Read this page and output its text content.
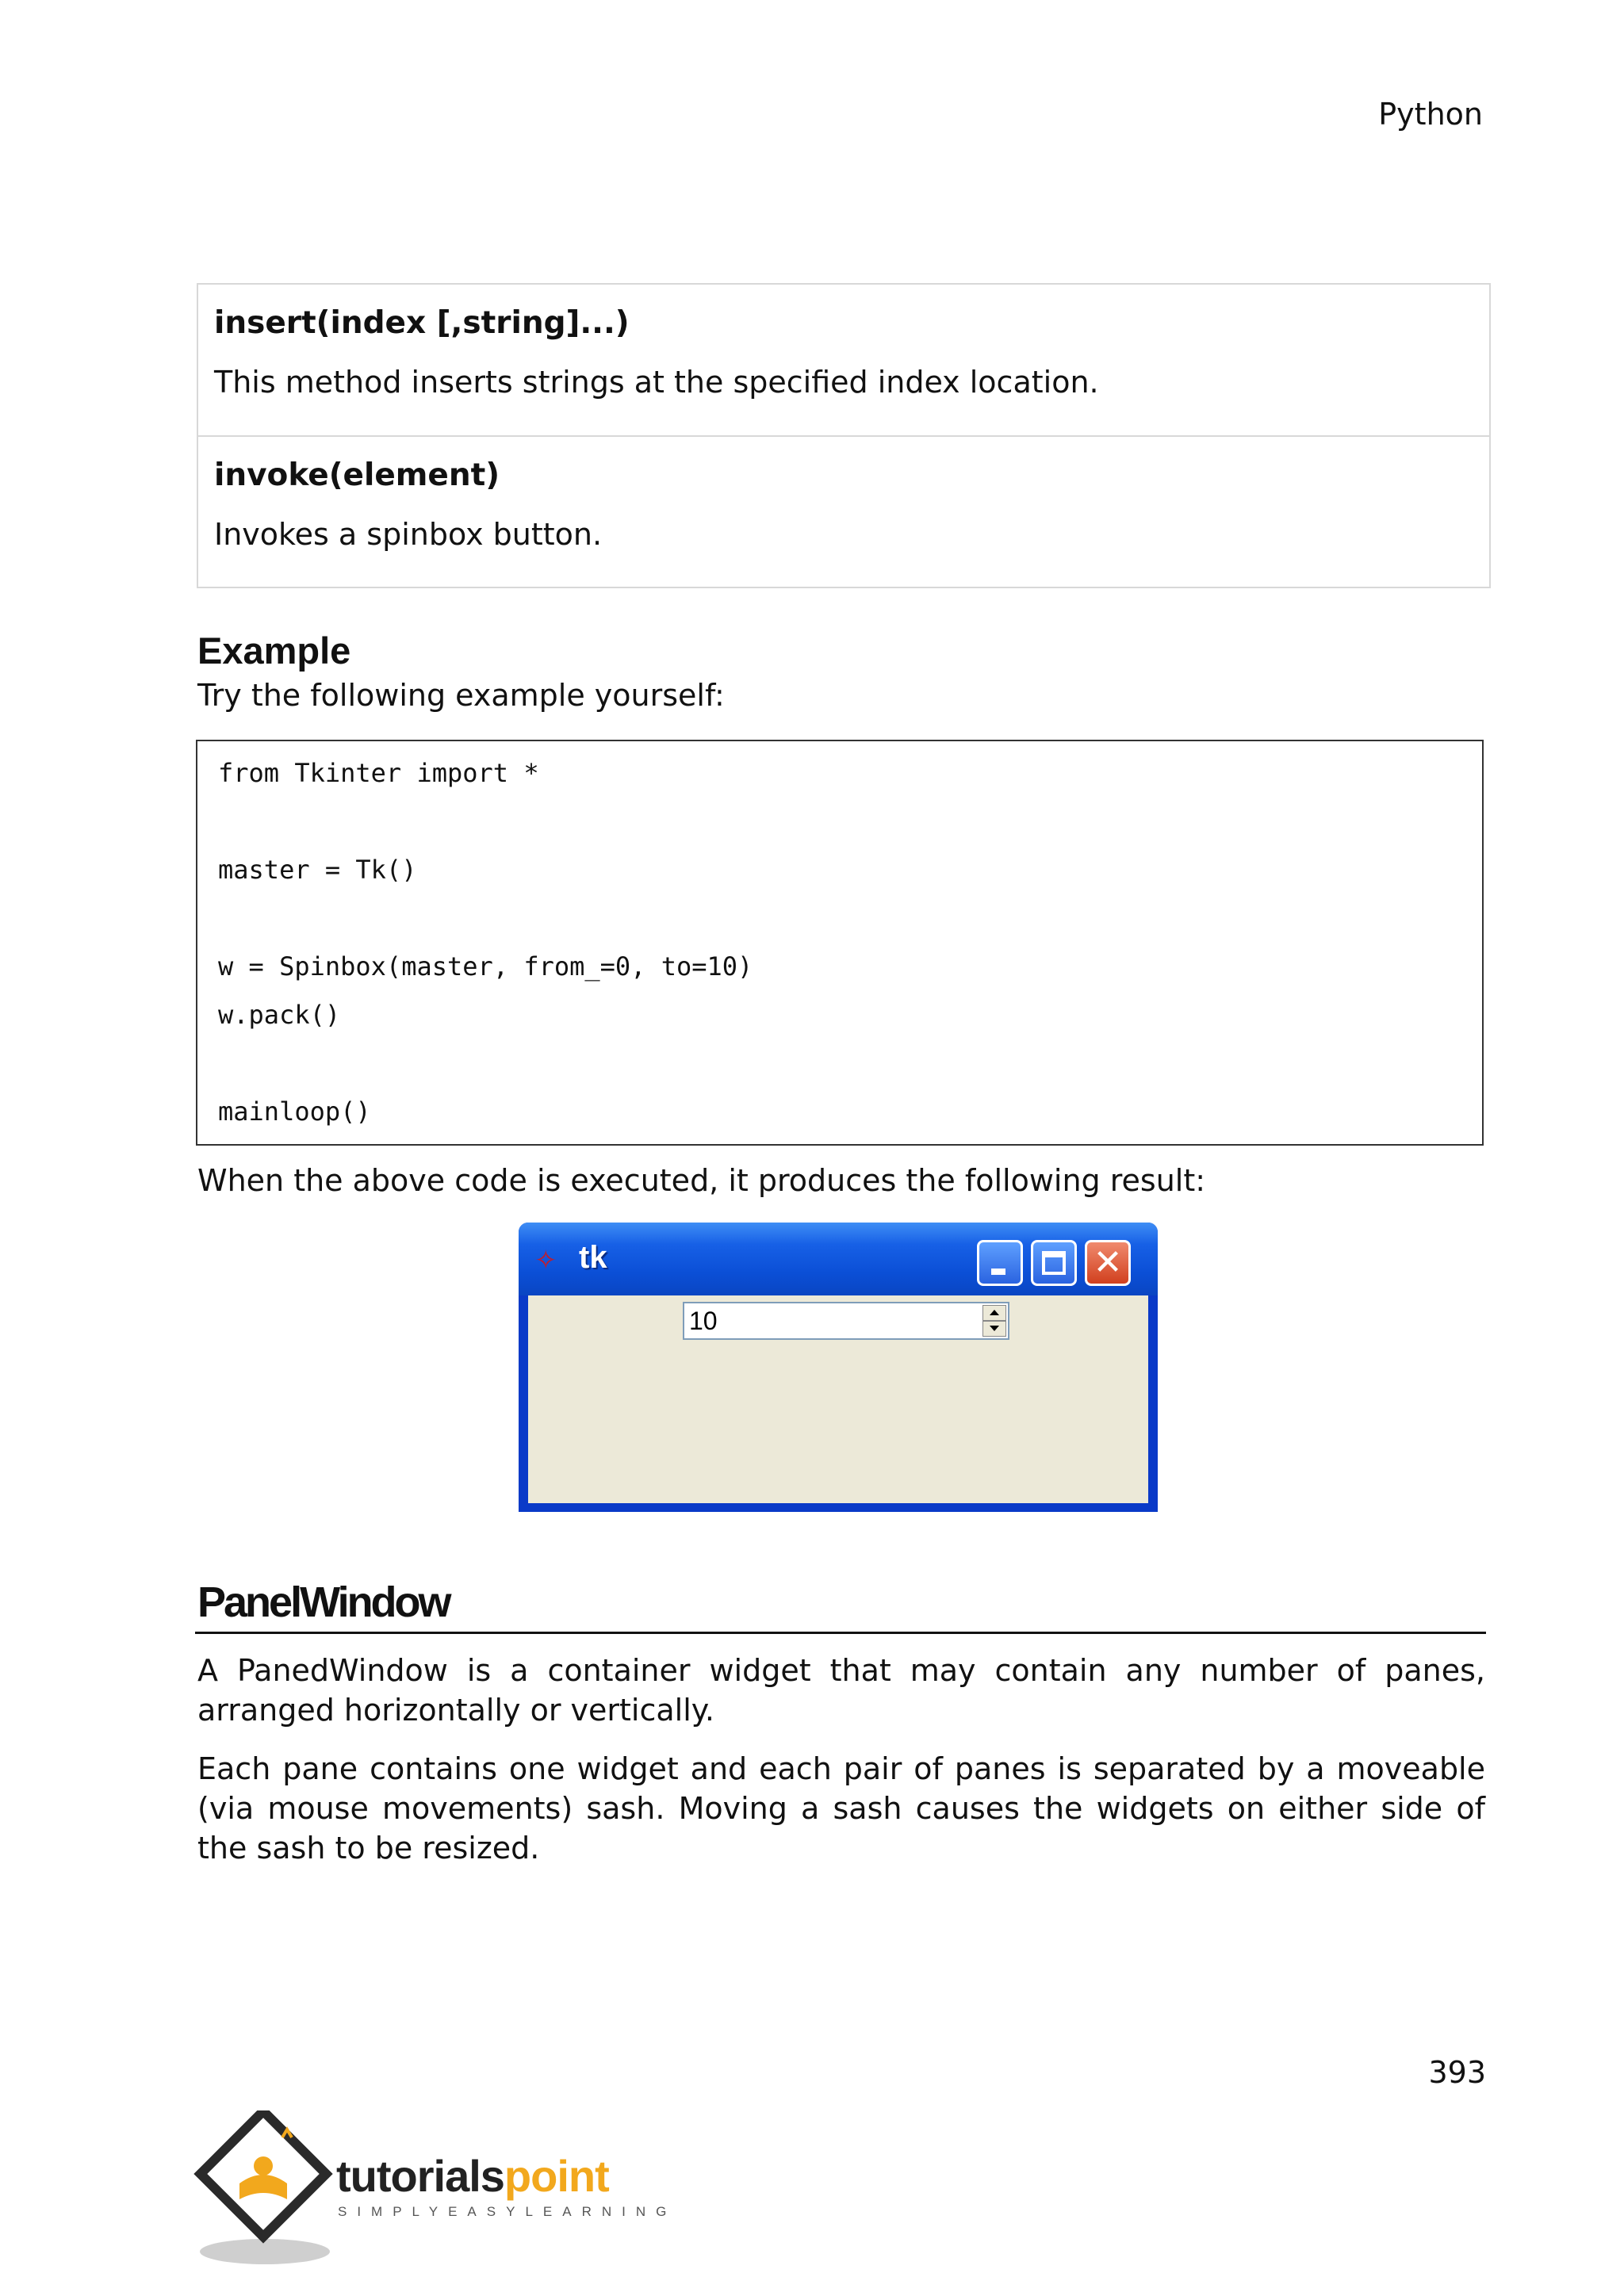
Python
insert(index [,string]...)
This method inserts strings at the specified index location.
invoke(element)
Invokes a spinbox button.
Example
Try the following example yourself:
from Tkinter import *
master = Tk()
w = Spinbox(master, from_=0, to=10)
w.pack()
mainloop()
When the above code is executed, it produces the following result:
✧ tk	✕
10
PanelWindow
A PanedWindow is a container widget that may contain any number of panes, arranged horizontally or vertically.
Each pane contains one widget and each pair of panes is separated by a moveable (via mouse movements) sash. Moving a sash causes the widgets on either side of the sash to be resized.
393
tutorialspoint
SIMPLYEASYLEARNING
